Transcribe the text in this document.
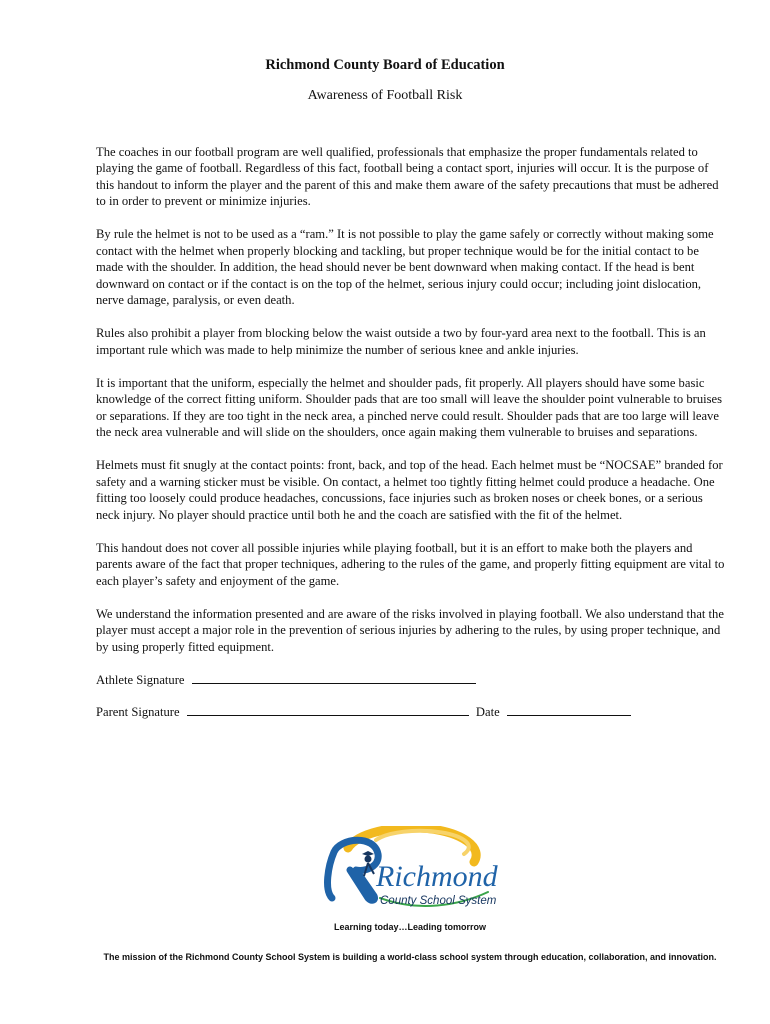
Richmond County Board of Education
Awareness of Football Risk

The coaches in our football program are well qualified, professionals that emphasize the proper fundamentals related to playing the game of football. Regardless of this fact, football being a contact sport, injuries will occur. It is the purpose of this handout to inform the player and the parent of this and make them aware of the safety precautions that must be adhered to in order to prevent or minimize injuries.

By rule the helmet is not to be used as a “ram.” It is not possible to play the game safely or correctly without making some contact with the helmet when properly blocking and tackling, but proper technique would be for the initial contact to be made with the shoulder. In addition, the head should never be bent downward when making contact. If the head is bent downward on contact or if the contact is on the top of the helmet, serious injury could occur; including joint dislocation, nerve damage, paralysis, or even death.

Rules also prohibit a player from blocking below the waist outside a two by four-yard area next to the football. This is an important rule which was made to help minimize the number of serious knee and ankle injuries.

It is important that the uniform, especially the helmet and shoulder pads, fit properly. All players should have some basic knowledge of the correct fitting uniform. Shoulder pads that are too small will leave the shoulder point vulnerable to bruises or separations. If they are too tight in the neck area, a pinched nerve could result. Shoulder pads that are too large will leave the neck area vulnerable and will slide on the shoulders, once again making them vulnerable to bruises and separations.

Helmets must fit snugly at the contact points: front, back, and top of the head. Each helmet must be “NOCSAE” branded for safety and a warning sticker must be visible. On contact, a helmet too tightly fitting helmet could produce a headache. One fitting too loosely could produce headaches, concussions, face injuries such as broken noses or cheek bones, or a serious neck injury. No player should practice until both he and the coach are satisfied with the fit of the helmet.

This handout does not cover all possible injuries while playing football, but it is an effort to make both the players and parents aware of the fact that proper techniques, adhering to the rules of the game, and properly fitting equipment are vital to each player’s safety and enjoyment of the game.

We understand the information presented and are aware of the risks involved in playing football. We also understand that the player must accept a major role in the prevention of serious injuries by adhering to the rules, by using proper technique, and by using properly fitted equipment.

Athlete Signature
Parent Signature	Date
Richmond
County School System
Learning today…Leading tomorrow
The mission of the Richmond County School System is building a world-class school system through education, collaboration, and innovation.
